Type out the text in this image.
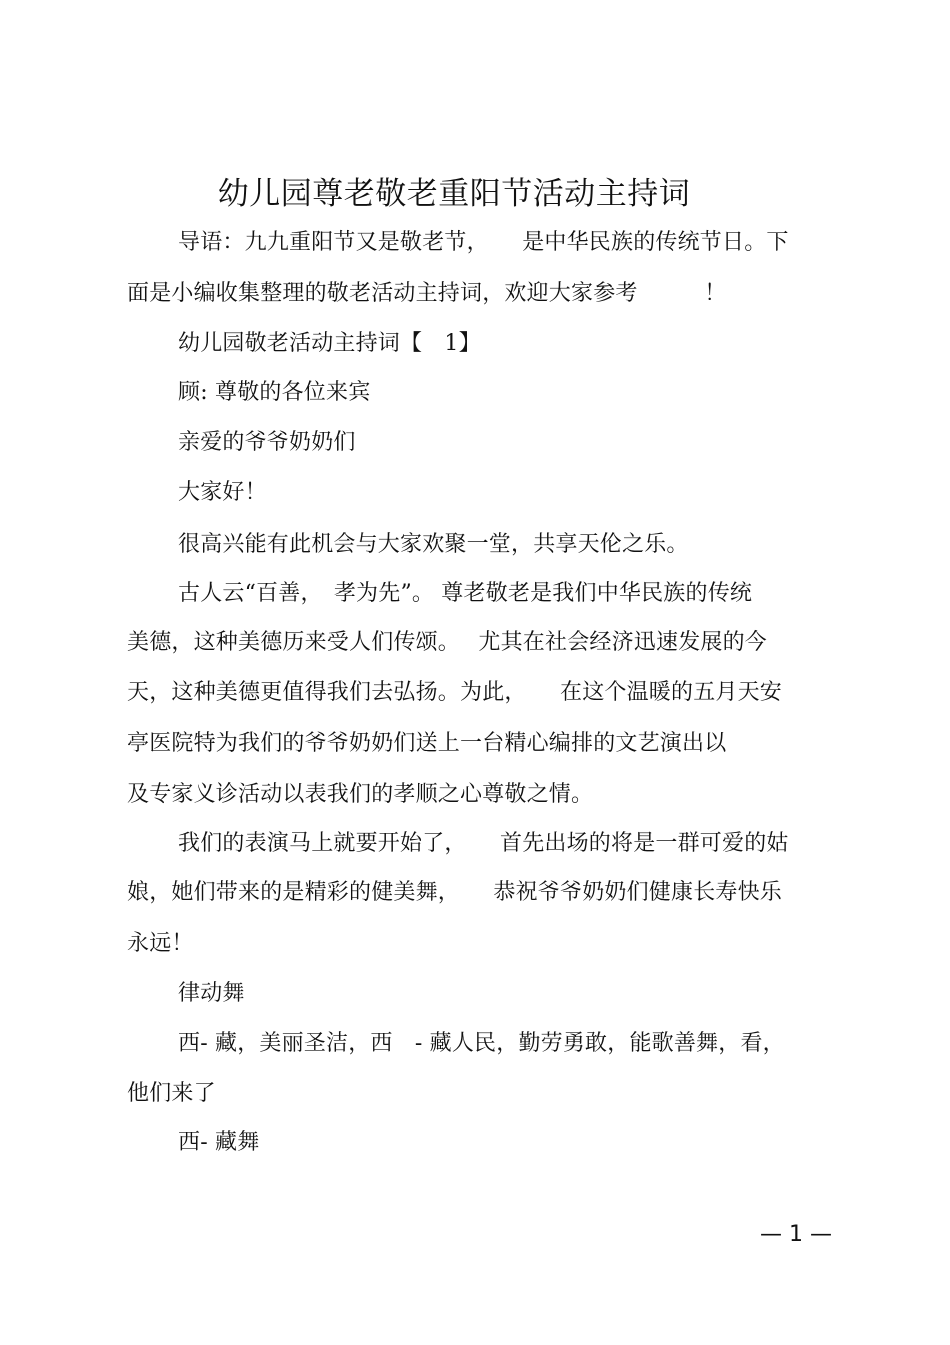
幼儿园尊老敬老重阳节活动主持词
导语：九九重阳节又是敬老节，　　是中华民族的传统节日。下
面是小编收集整理的敬老活动主持词，欢迎大家参考　　　！
幼儿园敬老活动主持词【　1】
顾: 尊敬的各位来宾
亲爱的爷爷奶奶们
大家好！
很高兴能有此机会与大家欢聚一堂，共享天伦之乐。
古人云“百善，　孝为先”。 尊老敬老是我们中华民族的传统
美德，这种美德历来受人们传颂。　 尤其在社会经济迅速发展的今
天，这种美德更值得我们去弘扬。为此，　　在这个温暖的五月天安
亭医院特为我们的爷爷奶奶们送上一台精心编排的文艺演出以
及专家义诊活动以表我们的孝顺之心尊敬之情。
我们的表演马上就要开始了，　　首先出场的将是一群可爱的姑
娘，她们带来的是精彩的健美舞，　　恭祝爷爷奶奶们健康长寿快乐
永远！
律动舞
西- 藏，美丽圣洁，西　- 藏人民，勤劳勇敢，能歌善舞，看，
他们来了
西- 藏舞
— 1 —
